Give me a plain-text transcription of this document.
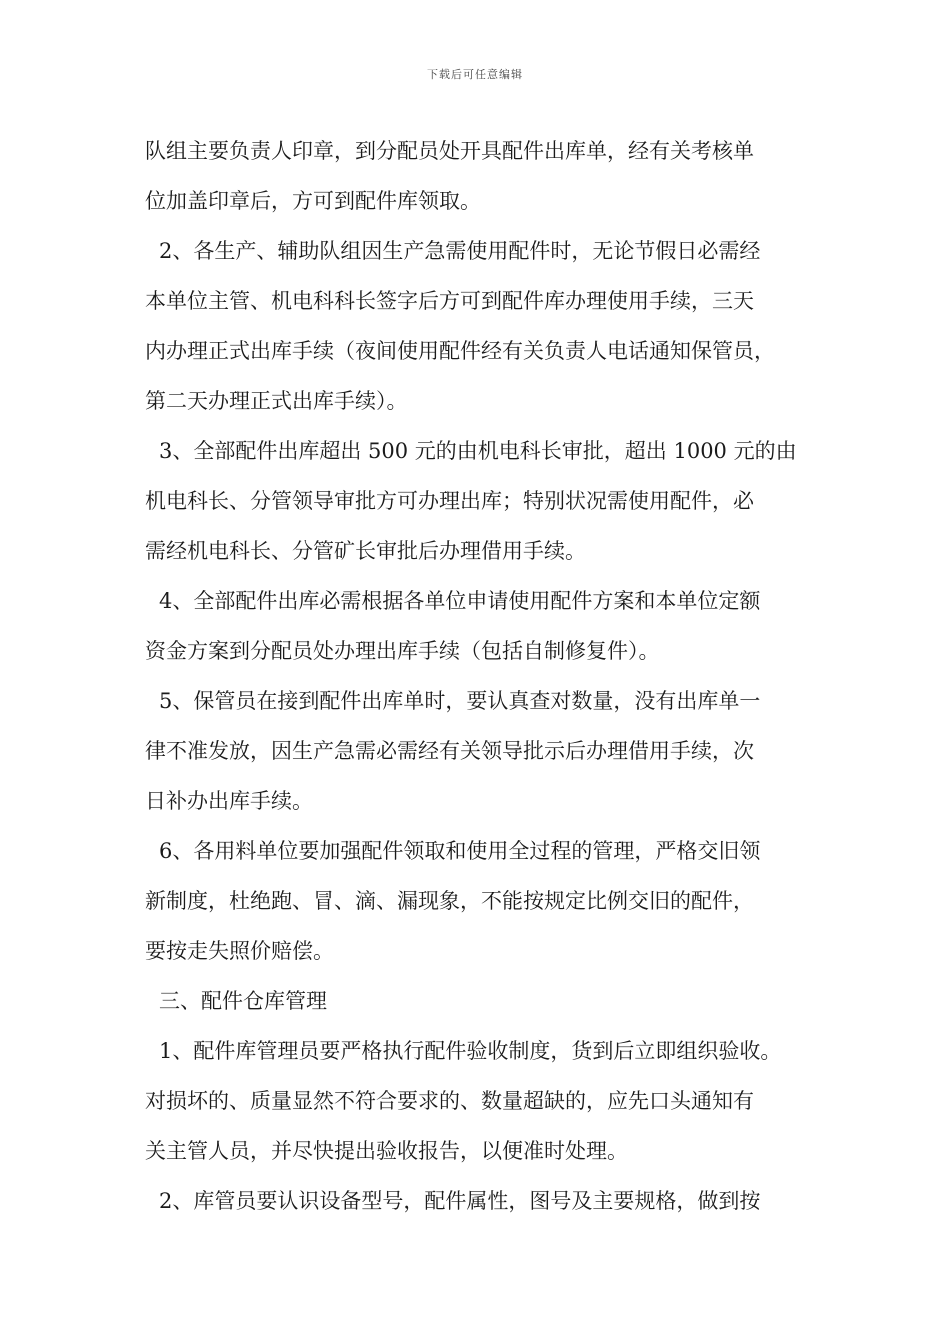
下载后可任意编辑
队组主要负责人印章，到分配员处开具配件出库单，经有关考核单
位加盖印章后，方可到配件库领取。
2、各生产、辅助队组因生产急需使用配件时，无论节假日必需经
本单位主管、机电科科长签字后方可到配件库办理使用手续，三天
内办理正式出库手续（夜间使用配件经有关负责人电话通知保管员，
第二天办理正式出库手续）。
3、全部配件出库超出 500 元的由机电科长审批，超出 1000 元的由
机电科长、分管领导审批方可办理出库；特别状况需使用配件，必
需经机电科长、分管矿长审批后办理借用手续。
4、全部配件出库必需根据各单位申请使用配件方案和本单位定额
资金方案到分配员处办理出库手续（包括自制修复件）。
5、保管员在接到配件出库单时，要认真查对数量，没有出库单一
律不准发放，因生产急需必需经有关领导批示后办理借用手续，次
日补办出库手续。
6、各用料单位要加强配件领取和使用全过程的管理，严格交旧领
新制度，杜绝跑、冒、滴、漏现象，不能按规定比例交旧的配件，
要按走失照价赔偿。
三、配件仓库管理
1、配件库管理员要严格执行配件验收制度，货到后立即组织验收。
对损坏的、质量显然不符合要求的、数量超缺的，应先口头通知有
关主管人员，并尽快提出验收报告，以便准时处理。
2、库管员要认识设备型号，配件属性，图号及主要规格，做到按
